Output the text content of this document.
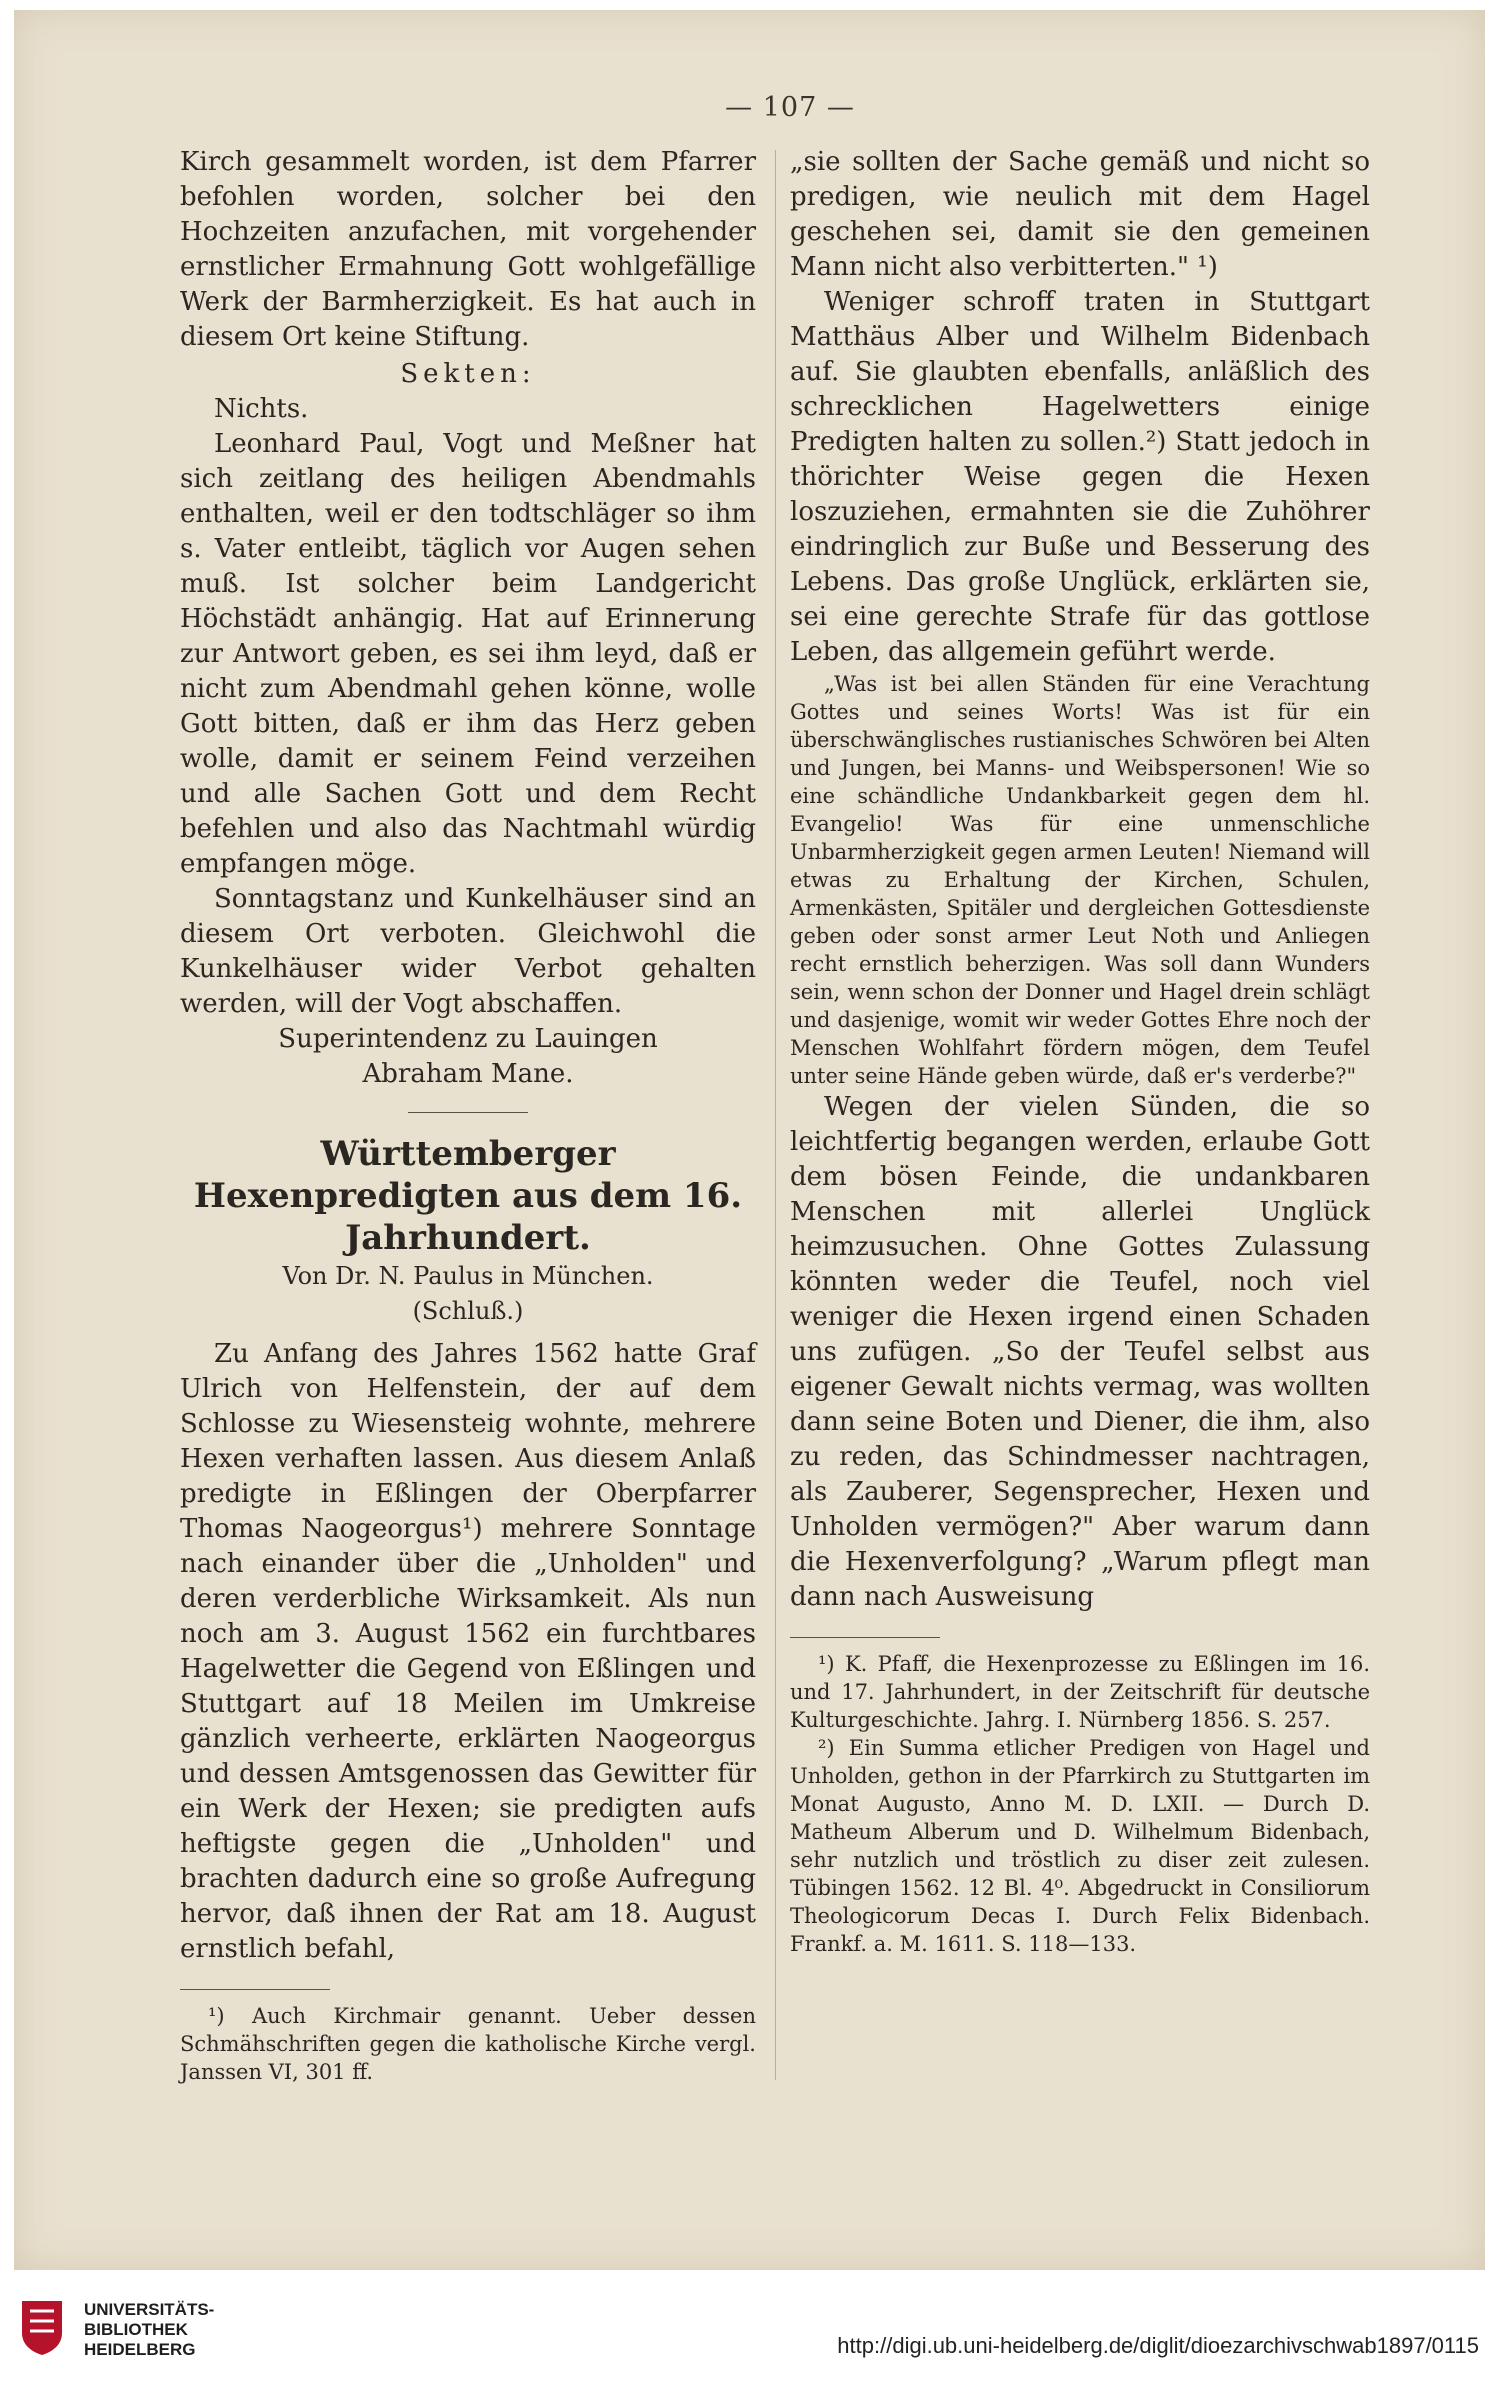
— 107 —

Kirch gesammelt worden, ist dem Pfarrer befohlen worden, solcher bei den Hochzeiten anzufachen, mit vorgehender ernstlicher Ermahnung Gott wohlgefällige Werk der Barmherzigkeit. Es hat auch in diesem Ort keine Stiftung.

Sekten:

Nichts.

Leonhard Paul, Vogt und Meßner hat sich zeitlang des heiligen Abendmahls enthalten, weil er den todtschläger so ihm s. Vater entleibt, täglich vor Augen sehen muß. Ist solcher beim Landgericht Höchstädt anhängig. Hat auf Erinnerung zur Antwort geben, es sei ihm leyd, daß er nicht zum Abendmahl gehen könne, wolle Gott bitten, daß er ihm das Herz geben wolle, damit er seinem Feind verzeihen und alle Sachen Gott und dem Recht befehlen und also das Nachtmahl würdig empfangen möge.

Sonntagstanz und Kunkelhäuser sind an diesem Ort verboten. Gleichwohl die Kunkelhäuser wider Verbot gehalten werden, will der Vogt abschaffen.

Superintendenz zu Lauingen

Abraham Mane.

Württemberger Hexenpredigten aus dem 16. Jahrhundert.

Von Dr. N. Paulus in München.

(Schluß.)

Zu Anfang des Jahres 1562 hatte Graf Ulrich von Helfenstein, der auf dem Schlosse zu Wiesensteig wohnte, mehrere Hexen verhaften lassen. Aus diesem Anlaß predigte in Eßlingen der Oberpfarrer Thomas Naogeorgus¹) mehrere Sonntage nach einander über die „Unholden" und deren verderbliche Wirksamkeit. Als nun noch am 3. August 1562 ein furchtbares Hagelwetter die Gegend von Eßlingen und Stuttgart auf 18 Meilen im Umkreise gänzlich verheerte, erklärten Naogeorgus und dessen Amtsgenossen das Gewitter für ein Werk der Hexen; sie predigten aufs heftigste gegen die „Unholden" und brachten dadurch eine so große Aufregung hervor, daß ihnen der Rat am 18. August ernstlich befahl,

¹) Auch Kirchmair genannt. Ueber dessen Schmähschriften gegen die katholische Kirche vergl. Janssen VI, 301 ff.

„sie sollten der Sache gemäß und nicht so predigen, wie neulich mit dem Hagel geschehen sei, damit sie den gemeinen Mann nicht also verbitterten." ¹)

Weniger schroff traten in Stuttgart Matthäus Alber und Wilhelm Bidenbach auf. Sie glaubten ebenfalls, anläßlich des schrecklichen Hagelwetters einige Predigten halten zu sollen.²) Statt jedoch in thörichter Weise gegen die Hexen loszuziehen, ermahnten sie die Zuhöhrer eindringlich zur Buße und Besserung des Lebens. Das große Unglück, erklärten sie, sei eine gerechte Strafe für das gottlose Leben, das allgemein geführt werde.

„Was ist bei allen Ständen für eine Verachtung Gottes und seines Worts! Was ist für ein überschwänglisches rustianisches Schwören bei Alten und Jungen, bei Manns- und Weibspersonen! Wie so eine schändliche Undankbarkeit gegen dem hl. Evangelio! Was für eine unmenschliche Unbarmherzigkeit gegen armen Leuten! Niemand will etwas zu Erhaltung der Kirchen, Schulen, Armenkästen, Spitäler und dergleichen Gottesdienste geben oder sonst armer Leut Noth und Anliegen recht ernstlich beherzigen. Was soll dann Wunders sein, wenn schon der Donner und Hagel drein schlägt und dasjenige, womit wir weder Gottes Ehre noch der Menschen Wohlfahrt fördern mögen, dem Teufel unter seine Hände geben würde, daß er's verderbe?"

Wegen der vielen Sünden, die so leichtfertig begangen werden, erlaube Gott dem bösen Feinde, die undankbaren Menschen mit allerlei Unglück heimzusuchen. Ohne Gottes Zulassung könnten weder die Teufel, noch viel weniger die Hexen irgend einen Schaden uns zufügen. „So der Teufel selbst aus eigener Gewalt nichts vermag, was wollten dann seine Boten und Diener, die ihm, also zu reden, das Schindmesser nachtragen, als Zauberer, Segensprecher, Hexen und Unholden vermögen?" Aber warum dann die Hexenverfolgung? „Warum pflegt man dann nach Ausweisung

¹) K. Pfaff, die Hexenprozesse zu Eßlingen im 16. und 17. Jahrhundert, in der Zeitschrift für deutsche Kulturgeschichte. Jahrg. I. Nürnberg 1856. S. 257.

²) Ein Summa etlicher Predigen von Hagel und Unholden, gethon in der Pfarrkirch zu Stuttgarten im Monat Augusto, Anno M. D. LXII. — Durch D. Matheum Alberum und D. Wilhelmum Bidenbach, sehr nutzlich und tröstlich zu diser zeit zulesen. Tübingen 1562. 12 Bl. 4⁰. Abgedruckt in Consiliorum Theologicorum Decas I. Durch Felix Bidenbach. Frankf. a. M. 1611. S. 118—133.

UNIVERSITÄTS-
BIBLIOTHEK
HEIDELBERG	http://digi.ub.uni-heidelberg.de/diglit/dioezarchivschwab1897/0115
